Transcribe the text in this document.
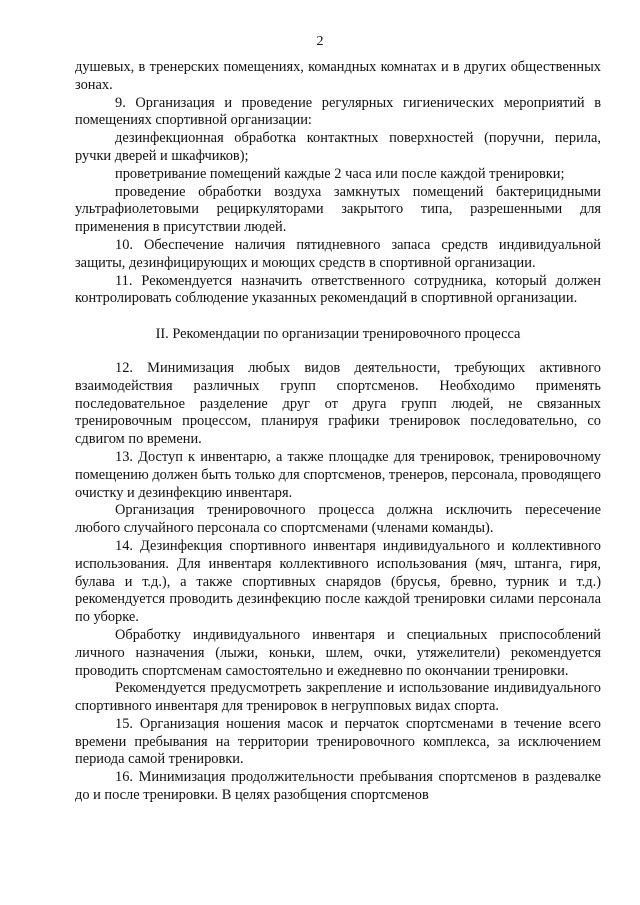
2

душевых, в тренерских помещениях, командных комнатах и в других общественных зонах.

9. Организация и проведение регулярных гигиенических мероприятий в помещениях спортивной организации:

дезинфекционная обработка контактных поверхностей (поручни, перила, ручки дверей и шкафчиков);

проветривание помещений каждые 2 часа или после каждой тренировки;

проведение обработки воздуха замкнутых помещений бактерицидными ультрафиолетовыми рециркуляторами закрытого типа, разрешенными для применения в присутствии людей.

10. Обеспечение наличия пятидневного запаса средств индивидуальной защиты, дезинфицирующих и моющих средств в спортивной организации.

11. Рекомендуется назначить ответственного сотрудника, который должен контролировать соблюдение указанных рекомендаций в спортивной организации.

II. Рекомендации по организации тренировочного процесса

12. Минимизация любых видов деятельности, требующих активного взаимодействия различных групп спортсменов. Необходимо применять последовательное разделение друг от друга групп людей, не связанных тренировочным процессом, планируя графики тренировок последовательно, со сдвигом по времени.

13. Доступ к инвентарю, а также площадке для тренировок, тренировочному помещению должен быть только для спортсменов, тренеров, персонала, проводящего очистку и дезинфекцию инвентаря.

Организация тренировочного процесса должна исключить пересечение любого случайного персонала со спортсменами (членами команды).

14. Дезинфекция спортивного инвентаря индивидуального и коллективного использования. Для инвентаря коллективного использования (мяч, штанга, гиря, булава и т.д.), а также спортивных снарядов (брусья, бревно, турник и т.д.) рекомендуется проводить дезинфекцию после каждой тренировки силами персонала по уборке.

Обработку индивидуального инвентаря и специальных приспособлений личного назначения (лыжи, коньки, шлем, очки, утяжелители) рекомендуется проводить спортсменам самостоятельно и ежедневно по окончании тренировки.

Рекомендуется предусмотреть закрепление и использование индивидуального спортивного инвентаря для тренировок в негрупповых видах спорта.

15. Организация ношения масок и перчаток спортсменами в течение всего времени пребывания на территории тренировочного комплекса, за исключением периода самой тренировки.

16. Минимизация продолжительности пребывания спортсменов в раздевалке до и после тренировки. В целях разобщения спортсменов
